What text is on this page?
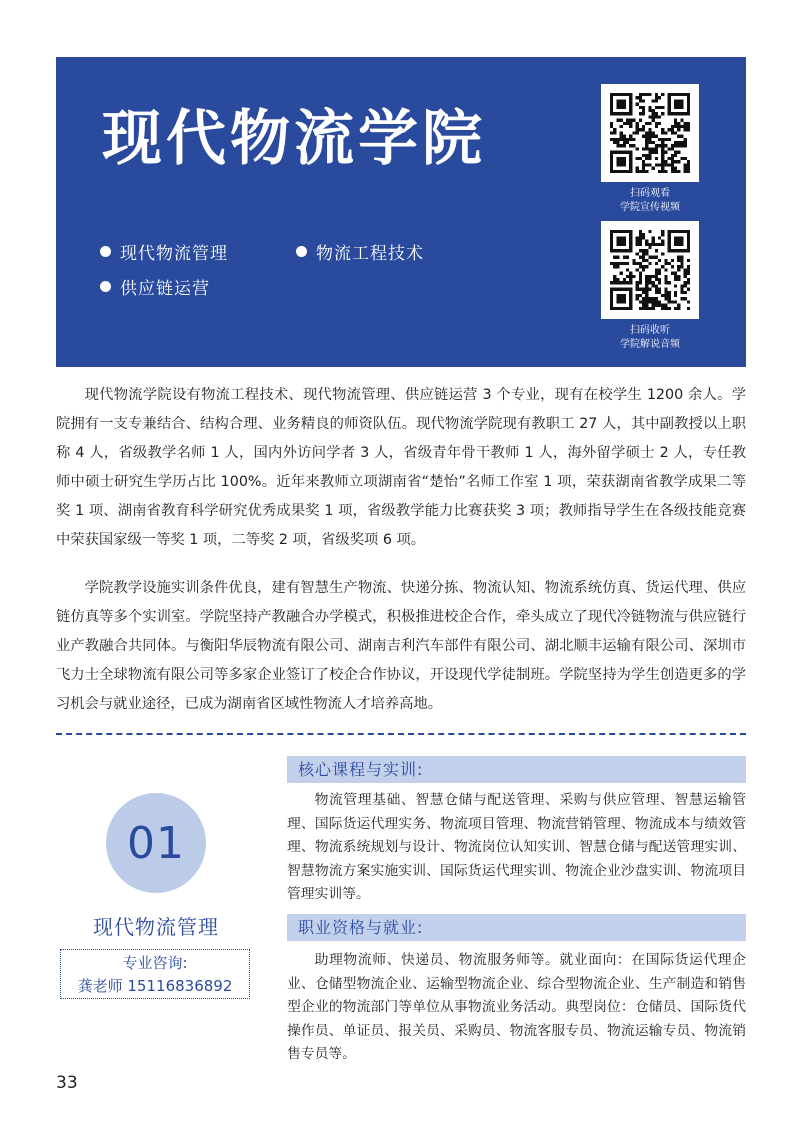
现代物流学院
现代物流管理	物流工程技术
供应链运营
扫码观看
学院宣传视频
扫码收听
学院解说音频

现代物流学院设有物流工程技术、现代物流管理、供应链运营 3 个专业，现有在校学生 1200 余人。学院拥有一支专兼结合、结构合理、业务精良的师资队伍。现代物流学院现有教职工 27 人，其中副教授以上职称 4 人，省级教学名师 1 人，国内外访问学者 3 人，省级青年骨干教师 1 人，海外留学硕士 2 人，专任教师中硕士研究生学历占比 100%。近年来教师立项湖南省“楚怡”名师工作室 1 项，荣获湖南省教学成果二等奖 1 项、湖南省教育科学研究优秀成果奖 1 项，省级教学能力比赛获奖 3 项；教师指导学生在各级技能竞赛中荣获国家级一等奖 1 项，二等奖 2 项，省级奖项 6 项。

学院教学设施实训条件优良，建有智慧生产物流、快递分拣、物流认知、物流系统仿真、货运代理、供应链仿真等多个实训室。学院坚持产教融合办学模式，积极推进校企合作，牵头成立了现代冷链物流与供应链行业产教融合共同体。与衡阳华辰物流有限公司、湖南吉利汽车部件有限公司、湖北顺丰运输有限公司、深圳市飞力士全球物流有限公司等多家企业签订了校企合作协议，开设现代学徒制班。学院坚持为学生创造更多的学习机会与就业途径，已成为湖南省区域性物流人才培养高地。

01
现代物流管理
专业咨询:
龚老师 15116836892
核心课程与实训:

物流管理基础、智慧仓储与配送管理、采购与供应管理、智慧运输管理、国际货运代理实务、物流项目管理、物流营销管理、物流成本与绩效管理、物流系统规划与设计、物流岗位认知实训、智慧仓储与配送管理实训、智慧物流方案实施实训、国际货运代理实训、物流企业沙盘实训、物流项目管理实训等。

职业资格与就业:

助理物流师、快递员、物流服务师等。就业面向：在国际货运代理企业、仓储型物流企业、运输型物流企业、综合型物流企业、生产制造和销售型企业的物流部门等单位从事物流业务活动。典型岗位：仓储员、国际货代操作员、单证员、报关员、采购员、物流客服专员、物流运输专员、物流销售专员等。

33
